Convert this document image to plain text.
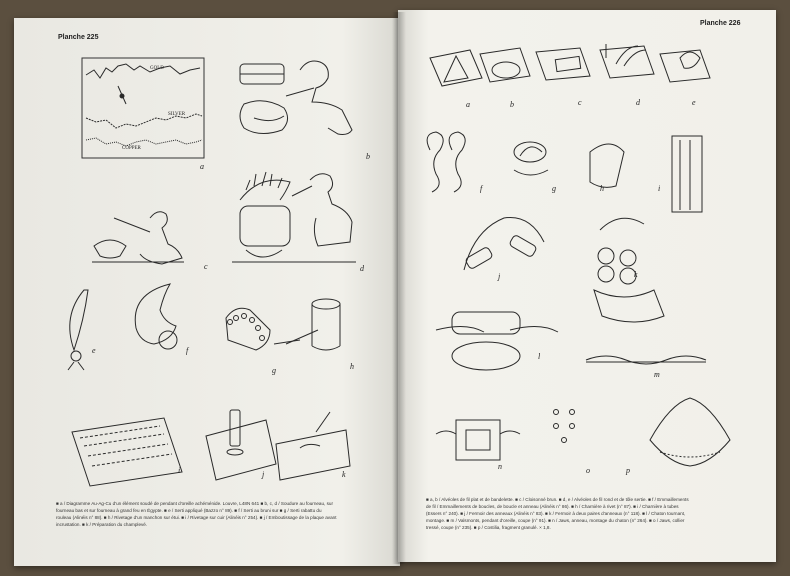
Planche 225
Planche 226
GOLD
SILVER
COPPER
a
b
c	d
e	f
g	h
i	j	k
a	b	c	d	e
f	g	h	i
j	k
l
m
n	o	p
■ a / Diagramme Au-Ag-Cu d'un élément soudé de pendant d'oreille achéménide. Louvre, L48N 641 ■ b, c, d / Soudure au fourneau, sur
fourneau bas et sur fourneau à grand feu en Égypte. ■ e / Serti appliqué (Bazzo n° 89). ■ f / Serti au bruni sur ■ g / Serti rabattu du
rouleau (Alinéis n° 88). ■ h / Rivetage d'un manchon sur étui. ■ i / Rivetage sur cuir (Alinéis n° 254). ■ j / Emboutissage de la plaque avant
incrustation. ■ k / Préparation du champlevé.
■ a, b / Alvéoles de fil plat et de bandelette. ■ c / Cloisonné brun. ■ d, e / Alvéoles de fil rond et de tôle sertie. ■ f / Emmaillements
de fil / Emmaillements de boucles, de boucle et anneau (Alinéis n° 86). ■ h / Charnière à rivet (n° 87). ■ i / Charnière à tubes
(Essers n° 240). ■ j / Fermoir des anneaux (Alinéis n° 83). ■ k / Fermoir à deux paires d'anneaux (n° 118). ■ l / Chaton tournant,
montage. ■ m / Valsmonts, pendant d'oreille, coupe (n° 91). ■ n / Jaws, anneau, montage du chaton (n° 264). ■ o / Jaws, collier
tressé, coupe (n° 235). ■ p / Costilia, fragment granulé. × 1,8.
